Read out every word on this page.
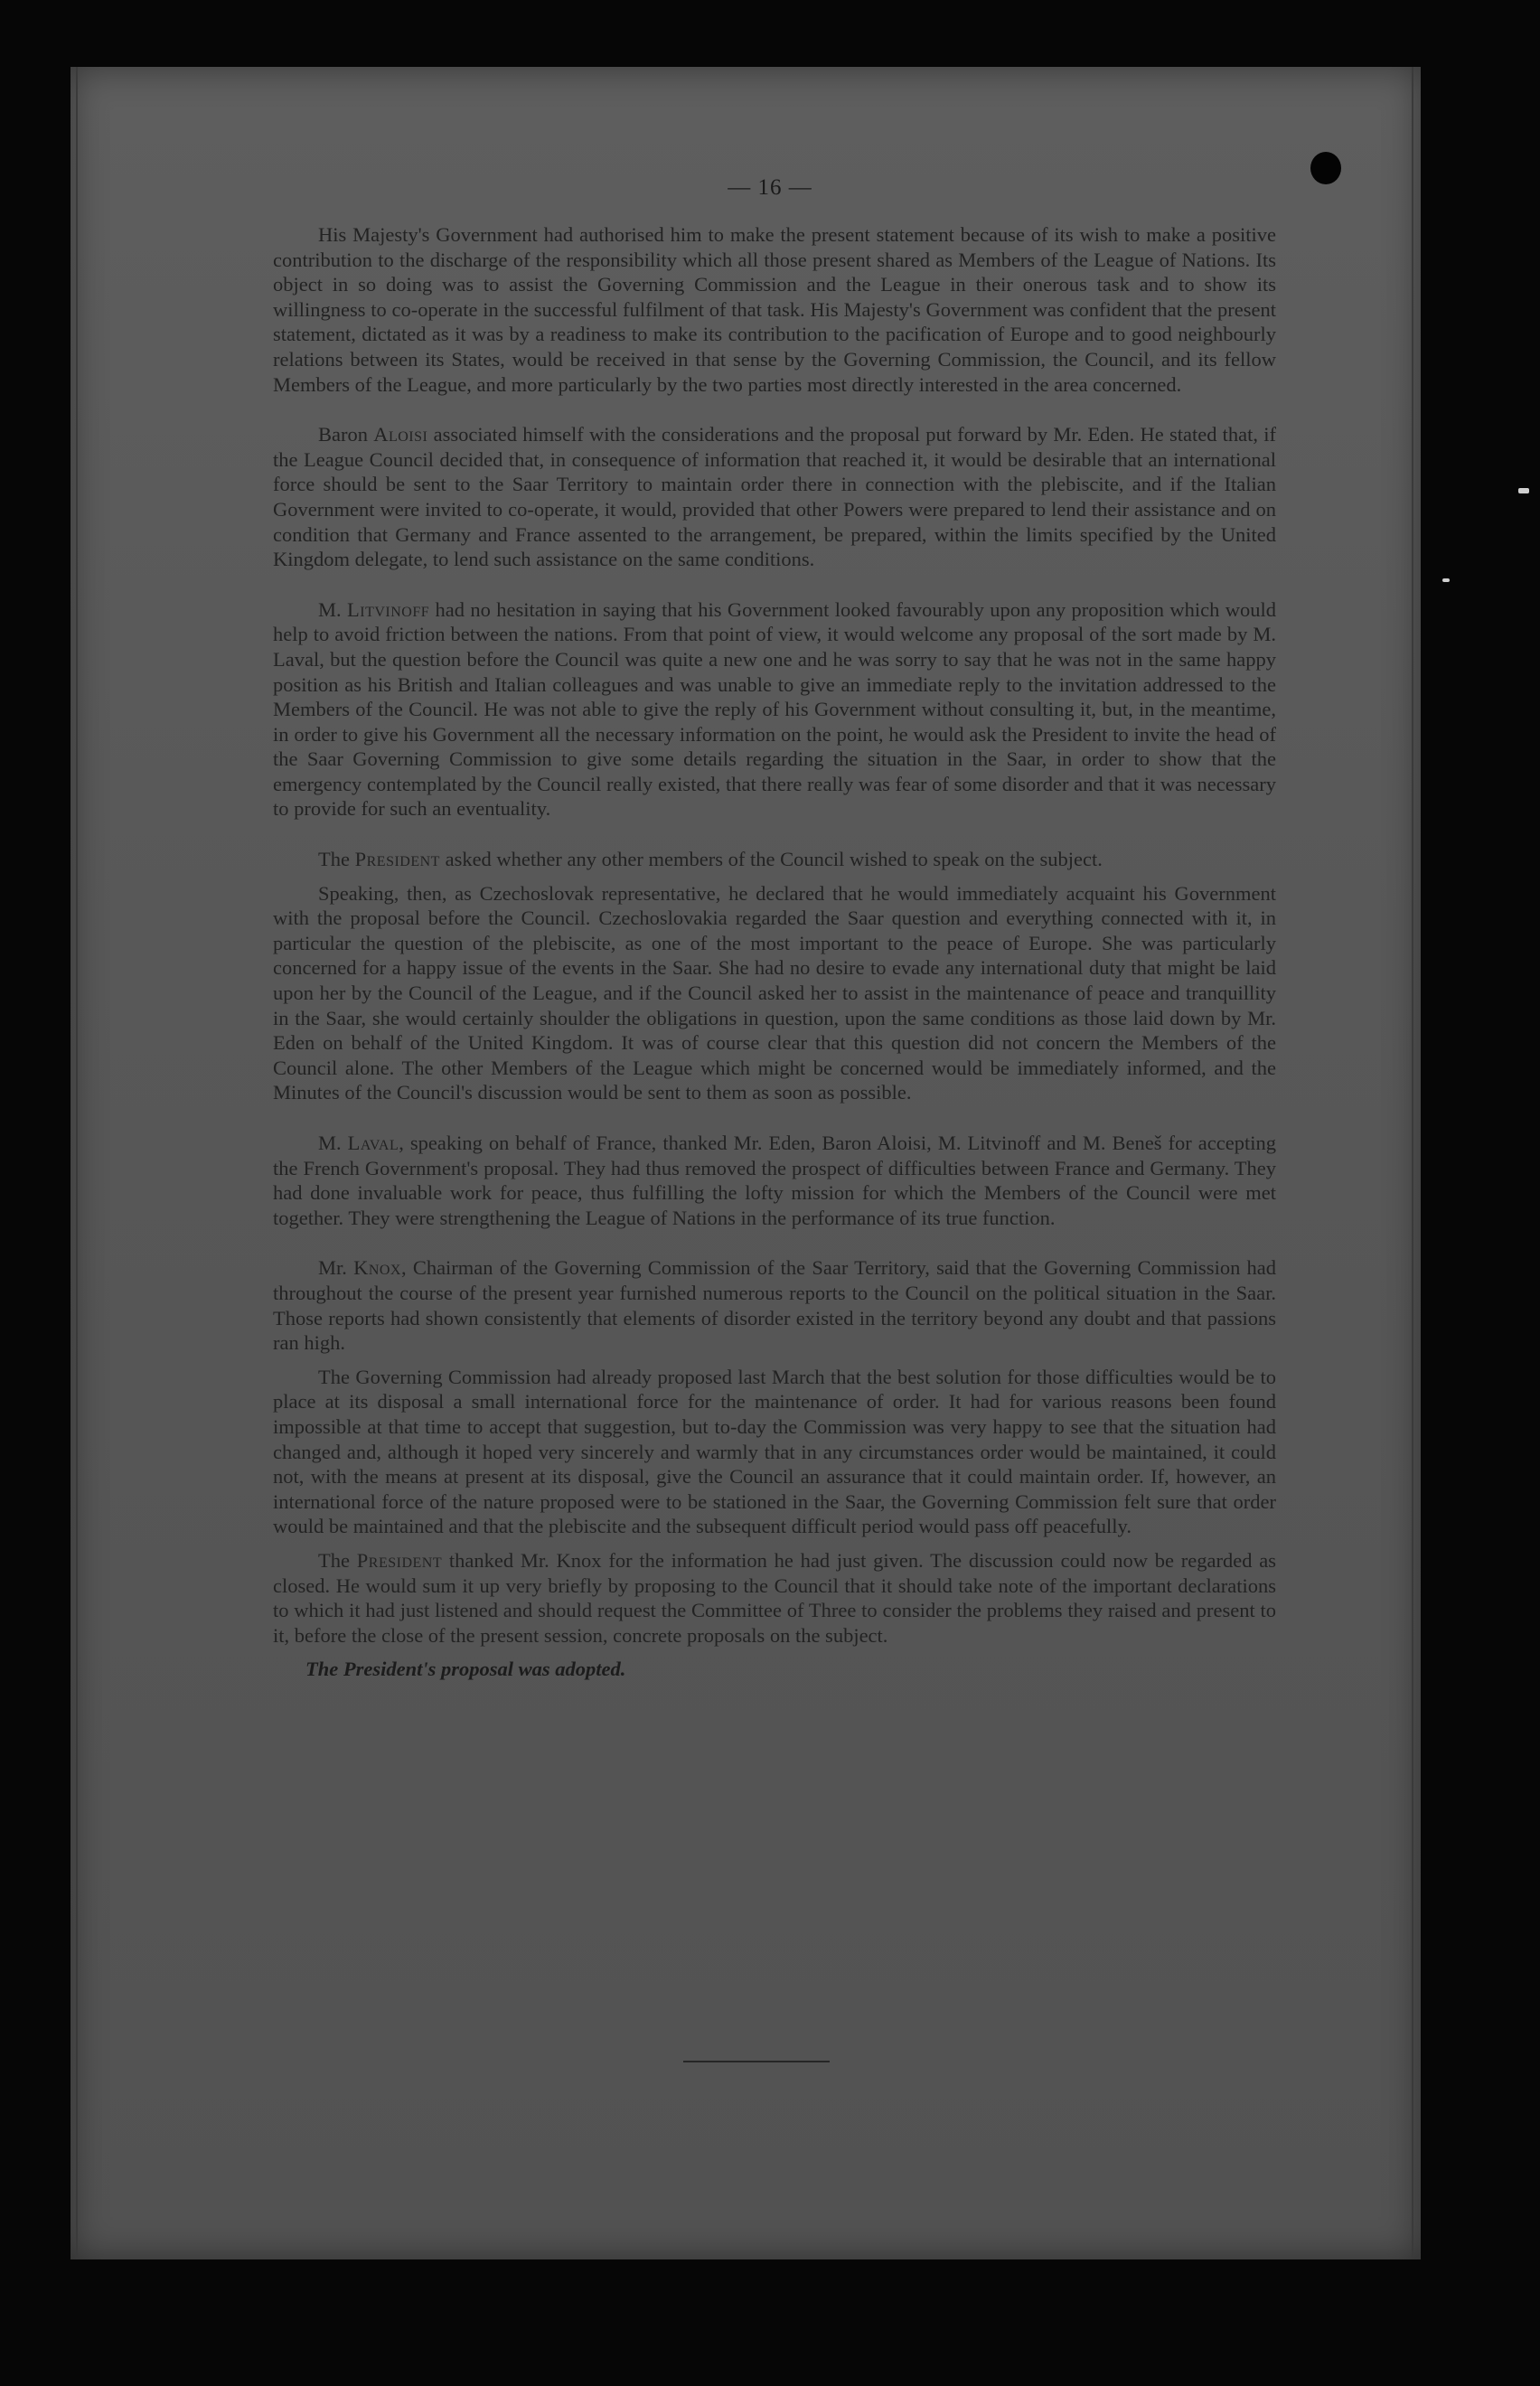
— 16 —

His Majesty's Government had authorised him to make the present statement because of its wish to make a positive contribution to the discharge of the responsibility which all those present shared as Members of the League of Nations. Its object in so doing was to assist the Governing Commission and the League in their onerous task and to show its willingness to co-operate in the successful fulfilment of that task. His Majesty's Government was confident that the present statement, dictated as it was by a readiness to make its contribution to the pacification of Europe and to good neighbourly relations between its States, would be received in that sense by the Governing Commission, the Council, and its fellow Members of the League, and more particularly by the two parties most directly interested in the area concerned.

Baron Aloisi associated himself with the considerations and the proposal put forward by Mr. Eden. He stated that, if the League Council decided that, in consequence of information that reached it, it would be desirable that an international force should be sent to the Saar Territory to maintain order there in connection with the plebiscite, and if the Italian Government were invited to co-operate, it would, provided that other Powers were prepared to lend their assistance and on condition that Germany and France assented to the arrangement, be prepared, within the limits specified by the United Kingdom delegate, to lend such assistance on the same conditions.

M. Litvinoff had no hesitation in saying that his Government looked favourably upon any proposition which would help to avoid friction between the nations. From that point of view, it would welcome any proposal of the sort made by M. Laval, but the question before the Council was quite a new one and he was sorry to say that he was not in the same happy position as his British and Italian colleagues and was unable to give an immediate reply to the invitation addressed to the Members of the Council. He was not able to give the reply of his Government without consulting it, but, in the meantime, in order to give his Government all the necessary information on the point, he would ask the President to invite the head of the Saar Governing Commission to give some details regarding the situation in the Saar, in order to show that the emergency contemplated by the Council really existed, that there really was fear of some disorder and that it was necessary to provide for such an eventuality.

The President asked whether any other members of the Council wished to speak on the subject.

Speaking, then, as Czechoslovak representative, he declared that he would immediately acquaint his Government with the proposal before the Council. Czechoslovakia regarded the Saar question and everything connected with it, in particular the question of the plebiscite, as one of the most important to the peace of Europe. She was particularly concerned for a happy issue of the events in the Saar. She had no desire to evade any international duty that might be laid upon her by the Council of the League, and if the Council asked her to assist in the maintenance of peace and tranquillity in the Saar, she would certainly shoulder the obligations in question, upon the same conditions as those laid down by Mr. Eden on behalf of the United Kingdom. It was of course clear that this question did not concern the Members of the Council alone. The other Members of the League which might be concerned would be immediately informed, and the Minutes of the Council's discussion would be sent to them as soon as possible.

M. Laval, speaking on behalf of France, thanked Mr. Eden, Baron Aloisi, M. Litvinoff and M. Beneš for accepting the French Government's proposal. They had thus removed the prospect of difficulties between France and Germany. They had done invaluable work for peace, thus fulfilling the lofty mission for which the Members of the Council were met together. They were strengthening the League of Nations in the performance of its true function.

Mr. Knox, Chairman of the Governing Commission of the Saar Territory, said that the Governing Commission had throughout the course of the present year furnished numerous reports to the Council on the political situation in the Saar. Those reports had shown consistently that elements of disorder existed in the territory beyond any doubt and that passions ran high.

The Governing Commission had already proposed last March that the best solution for those difficulties would be to place at its disposal a small international force for the maintenance of order. It had for various reasons been found impossible at that time to accept that suggestion, but to-day the Commission was very happy to see that the situation had changed and, although it hoped very sincerely and warmly that in any circumstances order would be maintained, it could not, with the means at present at its disposal, give the Council an assurance that it could maintain order. If, however, an international force of the nature proposed were to be stationed in the Saar, the Governing Commission felt sure that order would be maintained and that the plebiscite and the subsequent difficult period would pass off peacefully.

The President thanked Mr. Knox for the information he had just given. The discussion could now be regarded as closed. He would sum it up very briefly by proposing to the Council that it should take note of the important declarations to which it had just listened and should request the Committee of Three to consider the problems they raised and present to it, before the close of the present session, concrete proposals on the subject.

The President's proposal was adopted.
